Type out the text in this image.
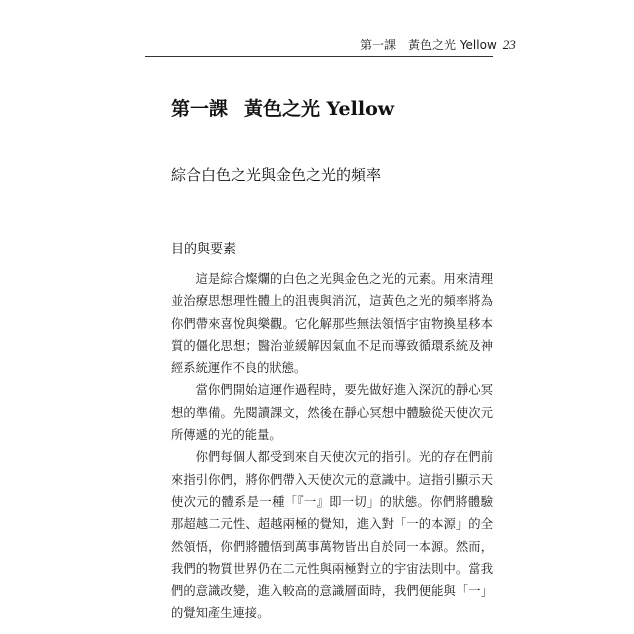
第一課　黃色之光 Yellow 23
第一課 黃色之光 Yellow
綜合白色之光與金色之光的頻率
目的與要素

這是綜合燦爛的白色之光與金色之光的元素。用來清理並治療思想理性體上的沮喪與消沉，這黃色之光的頻率將為你們帶來喜悅與樂觀。它化解那些無法領悟宇宙物換星移本質的僵化思想；醫治並緩解因氣血不足而導致循環系統及神經系統運作不良的狀態。

當你們開始這運作過程時，要先做好進入深沉的靜心冥想的準備。先閱讀課文，然後在靜心冥想中體驗從天使次元所傳遞的光的能量。

你們每個人都受到來自天使次元的指引。光的存在們前來指引你們，將你們帶入天使次元的意識中。這指引顯示天使次元的體系是一種「『一』即一切」的狀態。你們將體驗那超越二元性、超越兩極的覺知，進入對「一的本源」的全然領悟，你們將體悟到萬事萬物皆出自於同一本源。然而，我們的物質世界仍在二元性與兩極對立的宇宙法則中。當我們的意識改變，進入較高的意識層面時，我們便能與「一」的覺知產生連接。
